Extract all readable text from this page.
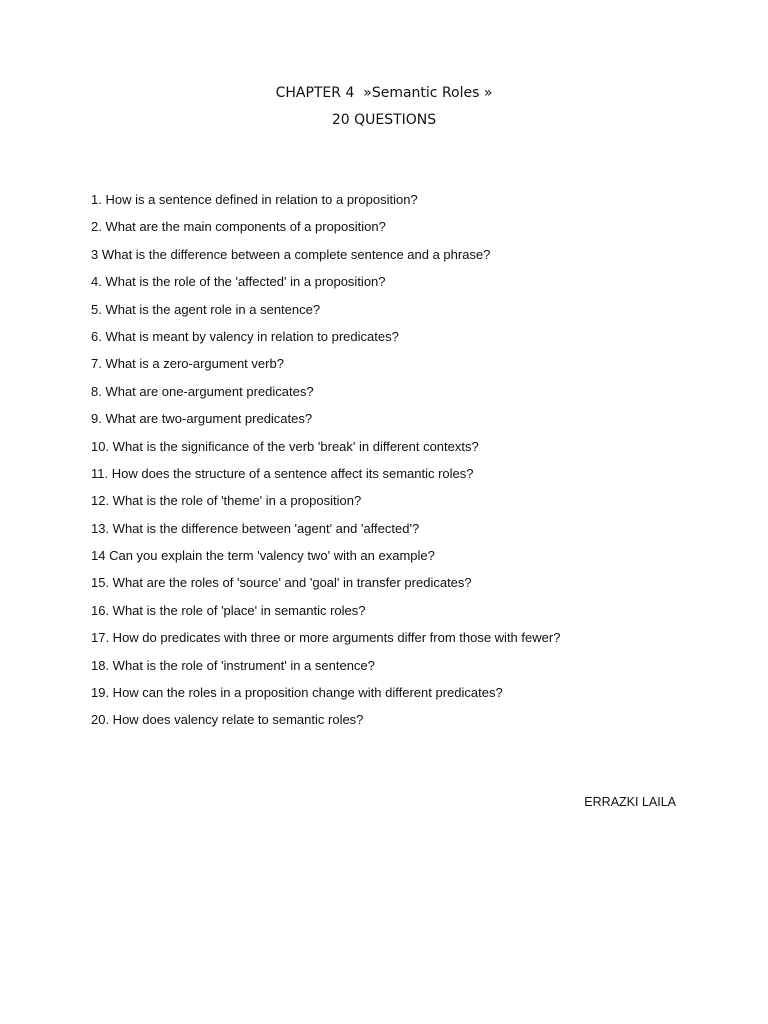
CHAPTER 4  »Semantic Roles »
20 QUESTIONS
1. How is a sentence defined in relation to a proposition?
2. What are the main components of a proposition?
3 What is the difference between a complete sentence and a phrase?
4. What is the role of the 'affected' in a proposition?
5. What is the agent role in a sentence?
6. What is meant by valency in relation to predicates?
7. What is a zero-argument verb?
8. What are one-argument predicates?
9. What are two-argument predicates?
10. What is the significance of the verb 'break' in different contexts?
11. How does the structure of a sentence affect its semantic roles?
12. What is the role of 'theme' in a proposition?
13. What is the difference between 'agent' and 'affected'?
14 Can you explain the term 'valency two' with an example?
15. What are the roles of 'source' and 'goal' in transfer predicates?
16. What is the role of 'place' in semantic roles?
17. How do predicates with three or more arguments differ from those with fewer?
18. What is the role of 'instrument' in a sentence?
19. How can the roles in a proposition change with different predicates?
20. How does valency relate to semantic roles?
ERRAZKI LAILA
